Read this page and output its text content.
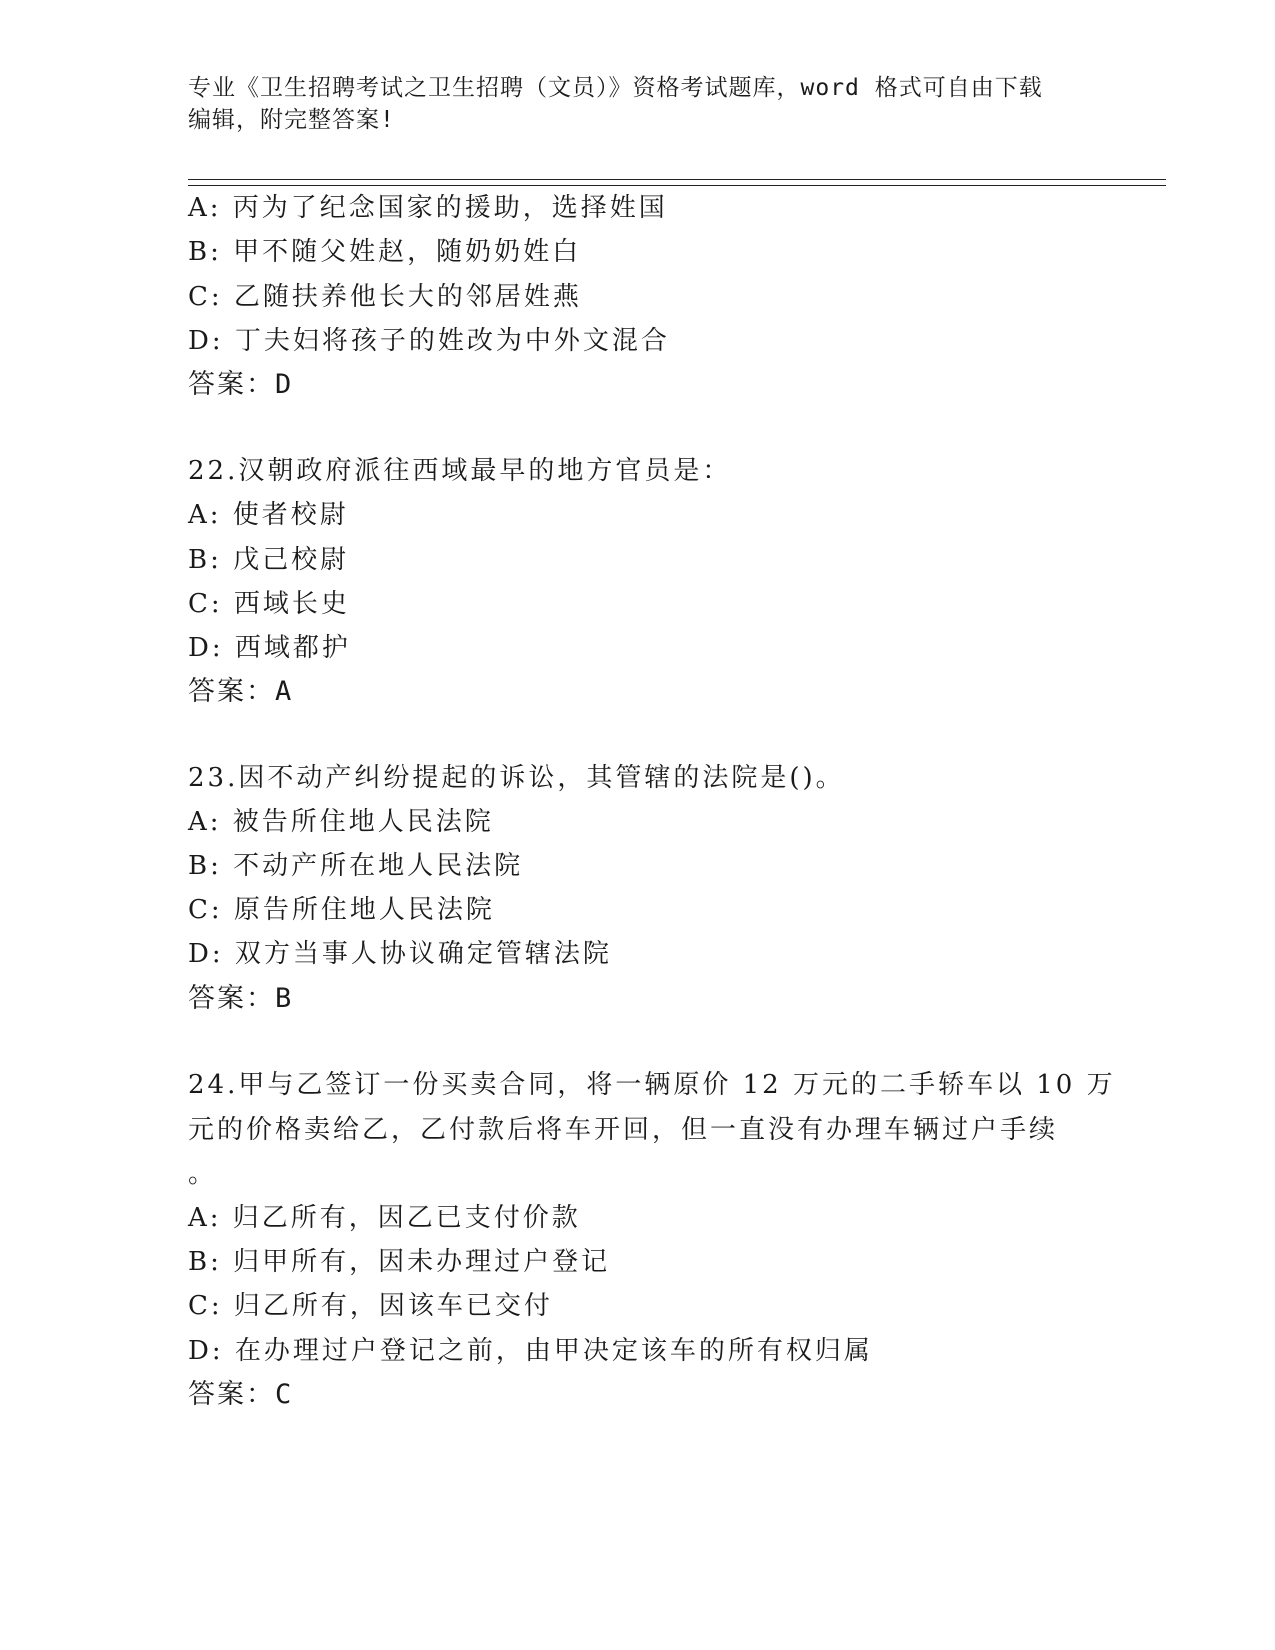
专业《卫生招聘考试之卫生招聘（文员）》资格考试题库，word 格式可自由下载
编辑，附完整答案!
A: 丙为了纪念国家的援助，选择姓国
B: 甲不随父姓赵，随奶奶姓白
C: 乙随扶养他长大的邻居姓燕
D: 丁夫妇将孩子的姓改为中外文混合
答案：D
22.汉朝政府派往西域最早的地方官员是：
A: 使者校尉
B: 戊己校尉
C: 西域长史
D: 西域都护
答案：A
23.因不动产纠纷提起的诉讼，其管辖的法院是()。
A: 被告所住地人民法院
B: 不动产所在地人民法院
C: 原告所住地人民法院
D: 双方当事人协议确定管辖法院
答案：B
24.甲与乙签订一份买卖合同，将一辆原价 12 万元的二手轿车以 10 万
元的价格卖给乙，乙付款后将车开回，但一直没有办理车辆过户手续
。
A: 归乙所有，因乙已支付价款
B: 归甲所有，因未办理过户登记
C: 归乙所有，因该车已交付
D: 在办理过户登记之前，由甲决定该车的所有权归属
答案：C
